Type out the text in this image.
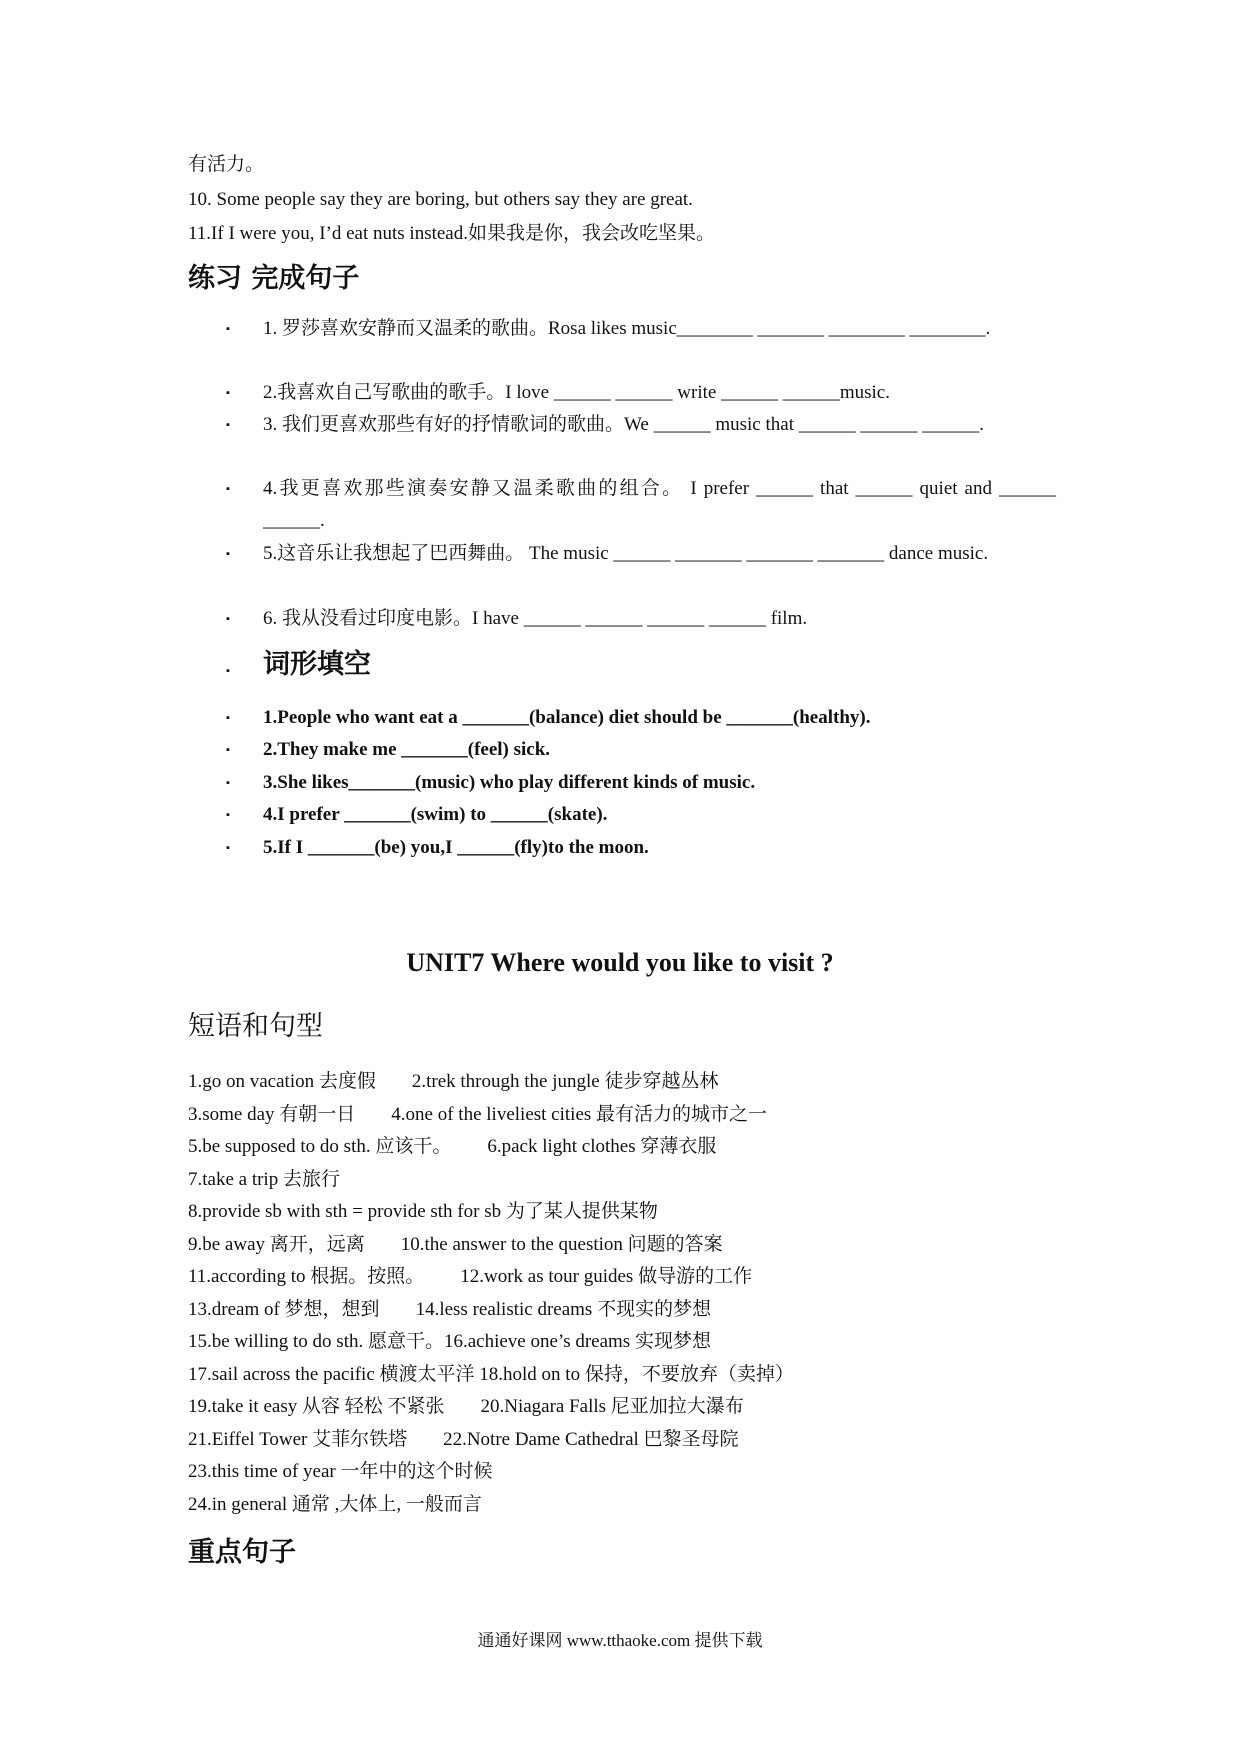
有活力。
10. Some people say they are boring, but others say they are great.
11.If I were you, I’d eat nuts instead.如果我是你，我会改吃坚果。
练习 完成句子
▪ 1. 罗莎喜欢安静而又温柔的歌曲。Rosa likes music________ _______ ________ ________.
▪ 2.我喜欢自己写歌曲的歌手。I love ______ ______ write ______ ______music.
▪ 3. 我们更喜欢那些有好的抒情歌词的歌曲。We ______ music that ______ ______ ______.
▪ 4.我更喜欢那些演奏安静又温柔歌曲的组合。 I prefer ______ that ______ quiet and ______ ______.
▪ 5.这音乐让我想起了巴西舞曲。 The music ______ _______ _______ _______ dance music.
▪ 6. 我从没看过印度电影。I have ______ ______ ______ ______ film.
▪ 词形填空
▪ 1.People who want eat a _______(balance) diet should be _______(healthy).
▪ 2.They make me _______(feel) sick.
▪ 3.She likes_______(music) who play different kinds of music.
▪ 4.I prefer _______(swim) to ______(skate).
▪ 5.If I _______(be) you,I ______(fly)to the moon.
UNIT7 Where would you like to visit ?
短语和句型
1.go on vacation 去度假 2.trek through the jungle 徒步穿越丛林
3.some day 有朝一日 4.one of the liveliest cities 最有活力的城市之一
5.be supposed to do sth. 应该干。 6.pack light clothes 穿薄衣服
7.take a trip 去旅行
8.provide sb with sth = provide sth for sb 为了某人提供某物
9.be away 离开，远离 10.the answer to the question 问题的答案
11.according to 根据。按照。 12.work as tour guides 做导游的工作
13.dream of 梦想，想到 14.less realistic dreams 不现实的梦想
15.be willing to do sth. 愿意干。16.achieve one’s dreams 实现梦想
17.sail across the pacific 横渡太平洋 18.hold on to 保持，不要放弃（卖掉）
19.take it easy 从容 轻松 不紧张 20.Niagara Falls 尼亚加拉大瀑布
21.Eiffel Tower 艾菲尔铁塔 22.Notre Dame Cathedral 巴黎圣母院
23.this time of year 一年中的这个时候
24.in general 通常 ,大体上, 一般而言
重点句子
通通好课网 www.tthaoke.com 提供下载
